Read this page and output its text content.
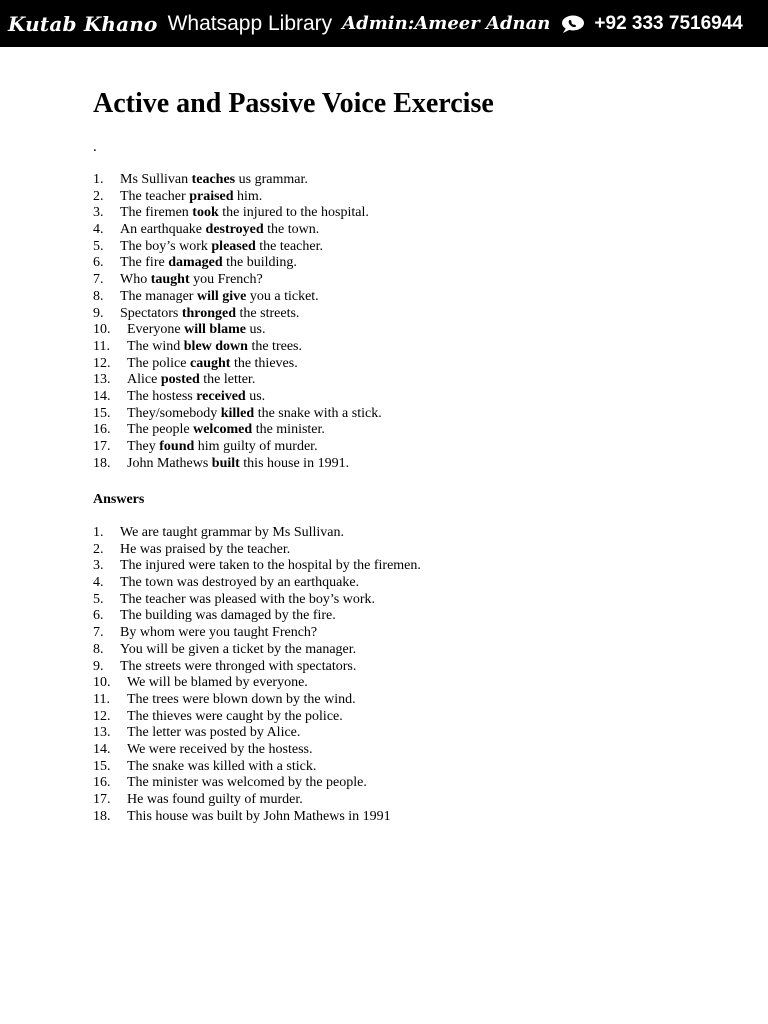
Kutab Khano Whatsapp Library Admin:Ameer Adnan +92 333 7516944
Active and Passive Voice Exercise
.
1. Ms Sullivan teaches us grammar.
2. The teacher praised him.
3. The firemen took the injured to the hospital.
4. An earthquake destroyed the town.
5. The boy’s work pleased the teacher.
6. The fire damaged the building.
7. Who taught you French?
8. The manager will give you a ticket.
9. Spectators thronged the streets.
10. Everyone will blame us.
11. The wind blew down the trees.
12. The police caught the thieves.
13. Alice posted the letter.
14. The hostess received us.
15. They/somebody killed the snake with a stick.
16. The people welcomed the minister.
17. They found him guilty of murder.
18. John Mathews built this house in 1991.
Answers
1. We are taught grammar by Ms Sullivan.
2. He was praised by the teacher.
3. The injured were taken to the hospital by the firemen.
4. The town was destroyed by an earthquake.
5. The teacher was pleased with the boy’s work.
6. The building was damaged by the fire.
7. By whom were you taught French?
8. You will be given a ticket by the manager.
9. The streets were thronged with spectators.
10. We will be blamed by everyone.
11. The trees were blown down by the wind.
12. The thieves were caught by the police.
13. The letter was posted by Alice.
14. We were received by the hostess.
15. The snake was killed with a stick.
16. The minister was welcomed by the people.
17. He was found guilty of murder.
18. This house was built by John Mathews in 1991
